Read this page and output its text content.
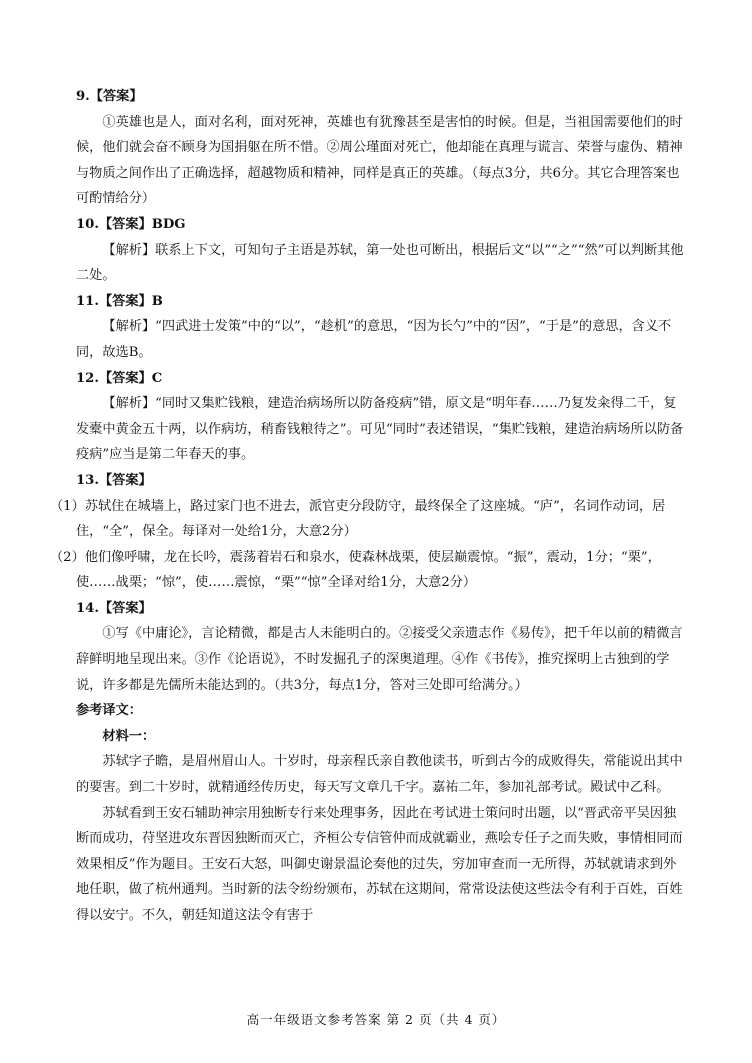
9.【答案】

①英雄也是人，面对名利，面对死神，英雄也有犹豫甚至是害怕的时候。但是，当祖国需要他们的时候，他们就会奋不顾身为国捐躯在所不惜。②周公瑾面对死亡，他却能在真理与谎言、荣誉与虚伪、精神与物质之间作出了正确选择，超越物质和精神，同样是真正的英雄。（每点3分，共6分。其它合理答案也可酌情给分）

10.【答案】BDG

【解析】联系上下文，可知句子主语是苏轼，第一处也可断出，根据后文“以”“之”“然”可以判断其他二处。

11.【答案】B

【解析】“四武进士发策”中的“以”，“趁机”的意思，“因为长勺”中的“因”，“于是”的意思，含义不同，故选B。

12.【答案】C

【解析】“同时又集贮钱粮，建造治病场所以防备疫病”错，原文是“明年春……乃复发籴得二千，复发橐中黄金五十两，以作病坊，稍畜钱粮待之”。可见“同时”表述错误，“集贮钱粮，建造治病场所以防备疫病”应当是第二年春天的事。

13.【答案】

（1）苏轼住在城墙上，路过家门也不进去，派官吏分段防守，最终保全了这座城。“庐”，名词作动词，居住，“全”，保全。每译对一处给1分，大意2分）

（2）他们像呼啸，龙在长吟，震荡着岩石和泉水，使森林战栗，使层巅震惊。“振”，震动，1分；“栗”，使……战栗；“惊”，使……震惊，“栗”“惊”全译对给1分，大意2分）

14.【答案】

①写《中庸论》，言论精微，都是古人未能明白的。②接受父亲遗志作《易传》，把千年以前的精微言辞鲜明地呈现出来。③作《论语说》，不时发掘孔子的深奥道理。④作《书传》，推究探明上古独到的学说，许多都是先儒所未能达到的。（共3分，每点1分，答对三处即可给满分。）

参考译文：

材料一：

苏轼字子瞻，是眉州眉山人。十岁时，母亲程氏亲自教他读书，听到古今的成败得失，常能说出其中的要害。到二十岁时，就精通经传历史，每天写文章几千字。嘉祐二年，参加礼部考试。殿试中乙科。

苏轼看到王安石辅助神宗用独断专行来处理事务，因此在考试进士策问时出题，以“晋武帝平吴因独断而成功，苻坚进攻东晋因独断而灭亡，齐桓公专信管仲而成就霸业，燕哙专任子之而失败，事情相同而效果相反”作为题目。王安石大怒，叫御史谢景温论奏他的过失，穷加审查而一无所得，苏轼就请求到外地任职，做了杭州通判。当时新的法令纷纷颁布，苏轼在这期间，常常设法使这些法令有利于百姓，百姓得以安宁。不久，朝廷知道这法令有害于

高一年级语文参考答案 第 2 页（共 4 页）
